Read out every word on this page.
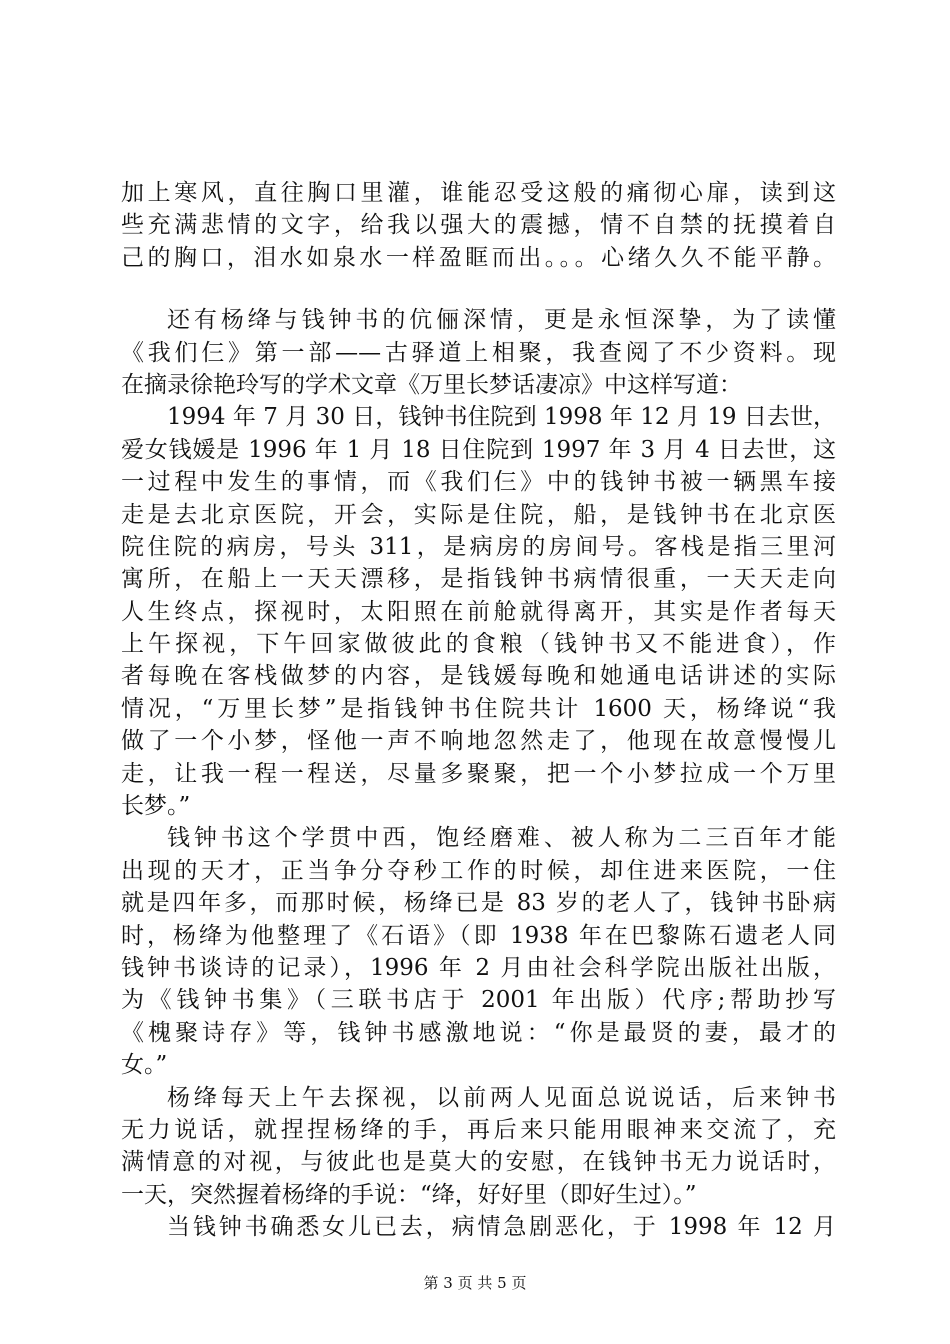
加上寒风，直往胸口里灌，谁能忍受这般的痛彻心扉，读到这
些充满悲情的文字，给我以强大的震撼，情不自禁的抚摸着自
己的胸口，泪水如泉水一样盈眶而出。。。心绪久久不能平静。
还有杨绛与钱钟书的伉俪深情，更是永恒深挚，为了读懂
《我们仨》第一部——古驿道上相聚，我查阅了不少资料。现
在摘录徐艳玲写的学术文章《万里长梦话凄凉》中这样写道：
1994 年 7 月 30 日，钱钟书住院到 1998 年 12 月 19 日去世，
爱女钱媛是 1996 年 1 月 18 日住院到 1997 年 3 月 4 日去世，这
一过程中发生的事情，而《我们仨》中的钱钟书被一辆黑车接
走是去北京医院，开会，实际是住院，船，是钱钟书在北京医
院住院的病房，号头 311，是病房的房间号。客栈是指三里河
寓所，在船上一天天漂移，是指钱钟书病情很重，一天天走向
人生终点，探视时，太阳照在前舱就得离开，其实是作者每天
上午探视，下午回家做彼此的食粮（钱钟书又不能进食），作
者每晚在客栈做梦的内容，是钱媛每晚和她通电话讲述的实际
情况，“万里长梦”是指钱钟书住院共计 1600 天，杨绛说“我
做了一个小梦，怪他一声不响地忽然走了，他现在故意慢慢儿
走，让我一程一程送，尽量多聚聚，把一个小梦拉成一个万里
长梦。”
钱钟书这个学贯中西，饱经磨难、被人称为二三百年才能
出现的天才，正当争分夺秒工作的时候，却住进来医院，一住
就是四年多，而那时候，杨绛已是 83 岁的老人了，钱钟书卧病
时，杨绛为他整理了《石语》（即 1938 年在巴黎陈石遗老人同
钱钟书谈诗的记录），1996 年 2 月由社会科学院出版社出版，
为《钱钟书集》（三联书店于 2001 年出版）代序;帮助抄写
《槐聚诗存》等，钱钟书感激地说：“你是最贤的妻，最才的
女。”
杨绛每天上午去探视，以前两人见面总说说话，后来钟书
无力说话，就捏捏杨绛的手，再后来只能用眼神来交流了，充
满情意的对视，与彼此也是莫大的安慰，在钱钟书无力说话时，
一天，突然握着杨绛的手说：“绛，好好里（即好生过）。”
当钱钟书确悉女儿已去，病情急剧恶化，于 1998 年 12 月
第 3 页 共 5 页
